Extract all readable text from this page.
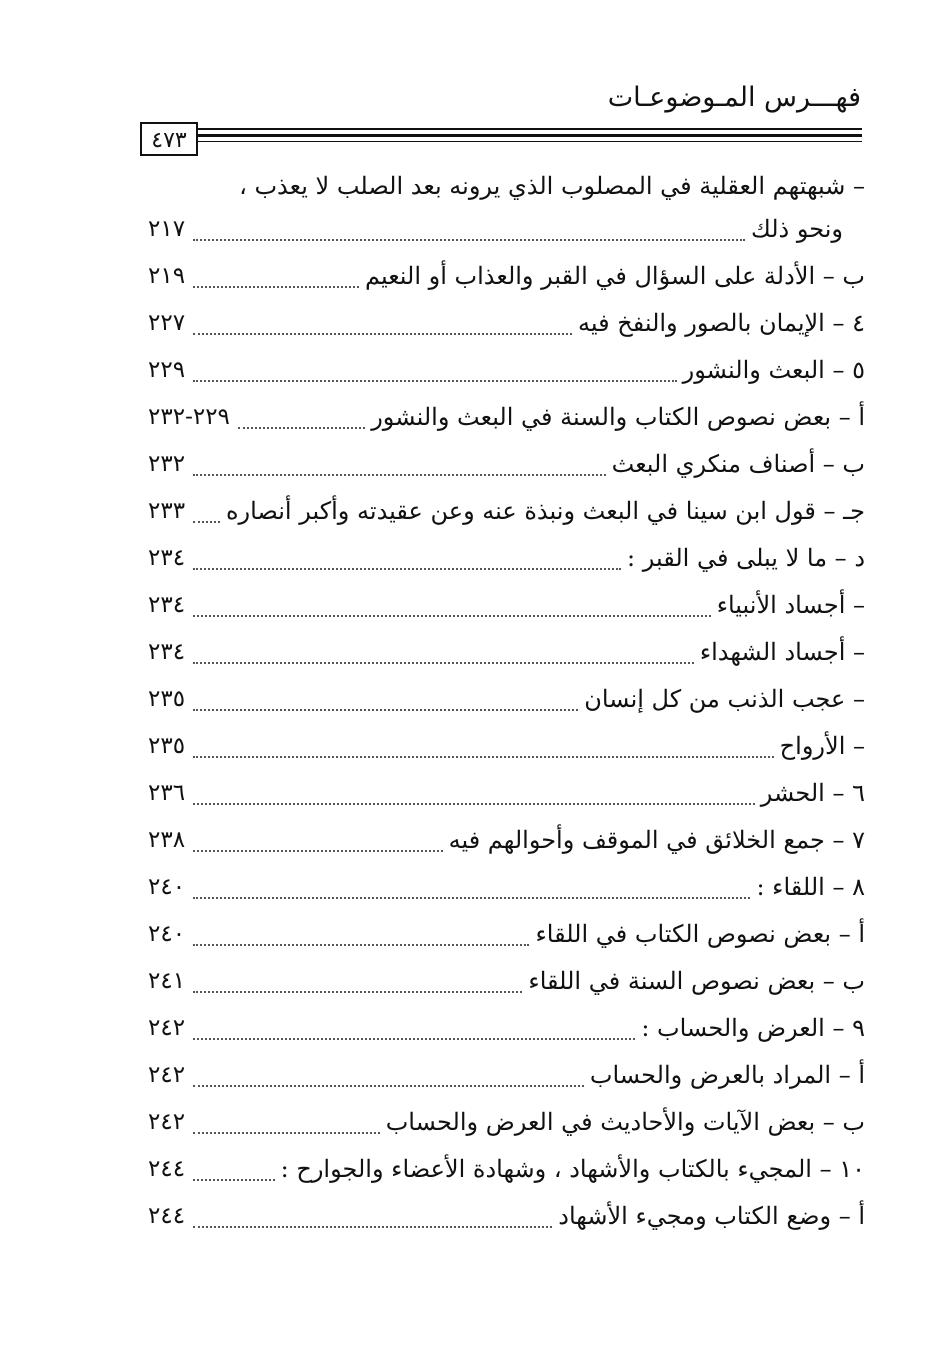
فهـــرس المـوضوعـات
٤٧٣
– شبهتهم العقلية في المصلوب الذي يرونه بعد الصلب لا يعذب ،
ونحو ذلك
٢١٧
ب – الأدلة على السؤال في القبر والعذاب أو النعيم
٢١٩
٤ – الإيمان بالصور والنفخ فيه
٢٢٧
٥ – البعث والنشور
٢٢٩
أ – بعض نصوص الكتاب والسنة في البعث والنشور
٢٢٩-٢٣٢
ب – أصناف منكري البعث
٢٣٢
جـ – قول ابن سينا في البعث ونبذة عنه وعن عقيدته وأكبر أنصاره
٢٣٣
د – ما لا يبلى في القبر :
٢٣٤
– أجساد الأنبياء
٢٣٤
– أجساد الشهداء
٢٣٤
– عجب الذنب من كل إنسان
٢٣٥
– الأرواح
٢٣٥
٦ – الحشر
٢٣٦
٧ – جمع الخلائق في الموقف وأحوالهم فيه
٢٣٨
٨ – اللقاء :
٢٤٠
أ – بعض نصوص الكتاب في اللقاء
٢٤٠
ب – بعض نصوص السنة في اللقاء
٢٤١
٩ – العرض والحساب :
٢٤٢
أ – المراد بالعرض والحساب
٢٤٢
ب – بعض الآيات والأحاديث في العرض والحساب
٢٤٢
١٠ – المجيء بالكتاب والأشهاد ، وشهادة الأعضاء والجوارح :
٢٤٤
أ – وضع الكتاب ومجيء الأشهاد
٢٤٤
